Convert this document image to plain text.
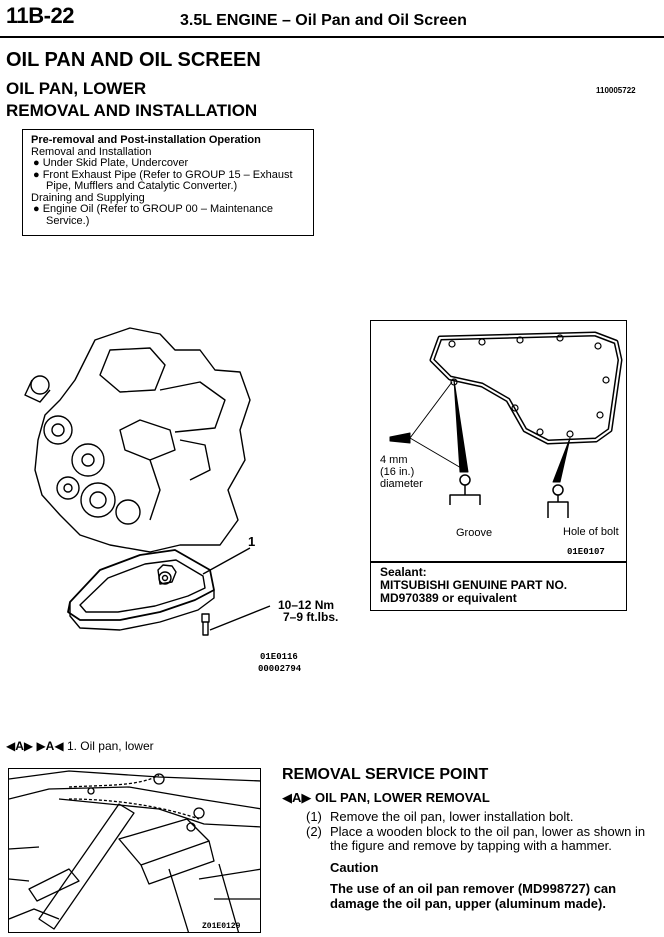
11B-22	3.5L ENGINE – Oil Pan and Oil Screen
OIL PAN AND OIL SCREEN
OIL PAN, LOWER
REMOVAL AND INSTALLATION
110005722
Pre-removal and Post-installation Operation
Removal and Installation
● Under Skid Plate, Undercover
● Front Exhaust Pipe (Refer to GROUP 15 – Exhaust Pipe, Mufflers and Catalytic Converter.)
Draining and Supplying
● Engine Oil (Refer to GROUP 00 – Maintenance Service.)
1
10–12 Nm
7–9 ft.lbs.
01E0116
00002794
4 mm
(16 in.)
diameter
Groove	Hole of bolt
01E0107
Sealant:
MITSUBISHI GENUINE PART NO.
MD970389 or equivalent
◀A▶ ▶A◀ 1. Oil pan, lower
Z01E0129
REMOVAL SERVICE POINT
◀A▶ OIL PAN, LOWER REMOVAL
(1) Remove the oil pan, lower installation bolt.
(2) Place a wooden block to the oil pan, lower as shown in the figure and remove by tapping with a hammer.
Caution
The use of an oil pan remover (MD998727) can damage the oil pan, upper (aluminum made).
